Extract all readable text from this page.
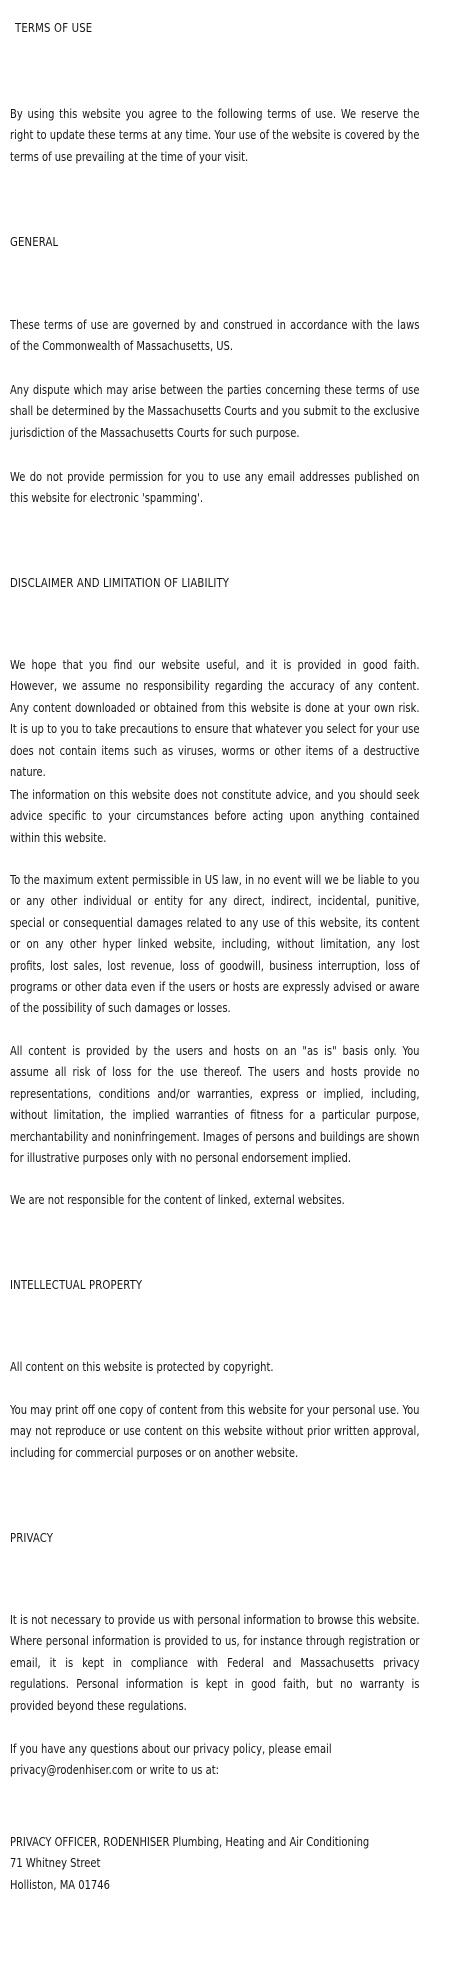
TERMS OF USE
By using this website you agree to the following terms of use. We reserve the right to update these terms at any time. Your use of the website is covered by the terms of use prevailing at the time of your visit.
GENERAL
These terms of use are governed by and construed in accordance with the laws of the Commonwealth of Massachusetts, US.
Any dispute which may arise between the parties concerning these terms of use shall be determined by the Massachusetts Courts and you submit to the exclusive jurisdiction of the Massachusetts Courts for such purpose.
We do not provide permission for you to use any email addresses published on this website for electronic 'spamming'.
DISCLAIMER AND LIMITATION OF LIABILITY
We hope that you find our website useful, and it is provided in good faith. However, we assume no responsibility regarding the accuracy of any content. Any content downloaded or obtained from this website is done at your own risk. It is up to you to take precautions to ensure that whatever you select for your use does not contain items such as viruses, worms or other items of a destructive nature.
The information on this website does not constitute advice, and you should seek advice specific to your circumstances before acting upon anything contained within this website.
To the maximum extent permissible in US law, in no event will we be liable to you or any other individual or entity for any direct, indirect, incidental, punitive, special or consequential damages related to any use of this website, its content or on any other hyper linked website, including, without limitation, any lost profits, lost sales, lost revenue, loss of goodwill, business interruption, loss of programs or other data even if the users or hosts are expressly advised or aware of the possibility of such damages or losses.
All content is provided by the users and hosts on an "as is" basis only. You assume all risk of loss for the use thereof. The users and hosts provide no representations, conditions and/or warranties, express or implied, including, without limitation, the implied warranties of fitness for a particular purpose, merchantability and noninfringement. Images of persons and buildings are shown for illustrative purposes only with no personal endorsement implied.
We are not responsible for the content of linked, external websites.
INTELLECTUAL PROPERTY
All content on this website is protected by copyright.
You may print off one copy of content from this website for your personal use. You may not reproduce or use content on this website without prior written approval, including for commercial purposes or on another website.
PRIVACY
It is not necessary to provide us with personal information to browse this website. Where personal information is provided to us, for instance through registration or email, it is kept in compliance with Federal and Massachusetts privacy regulations. Personal information is kept in good faith, but no warranty is provided beyond these regulations.
If you have any questions about our privacy policy, please email privacy@rodenhiser.com or write to us at:
PRIVACY OFFICER, RODENHISER Plumbing, Heating and Air Conditioning
71 Whitney Street
Holliston, MA 01746
